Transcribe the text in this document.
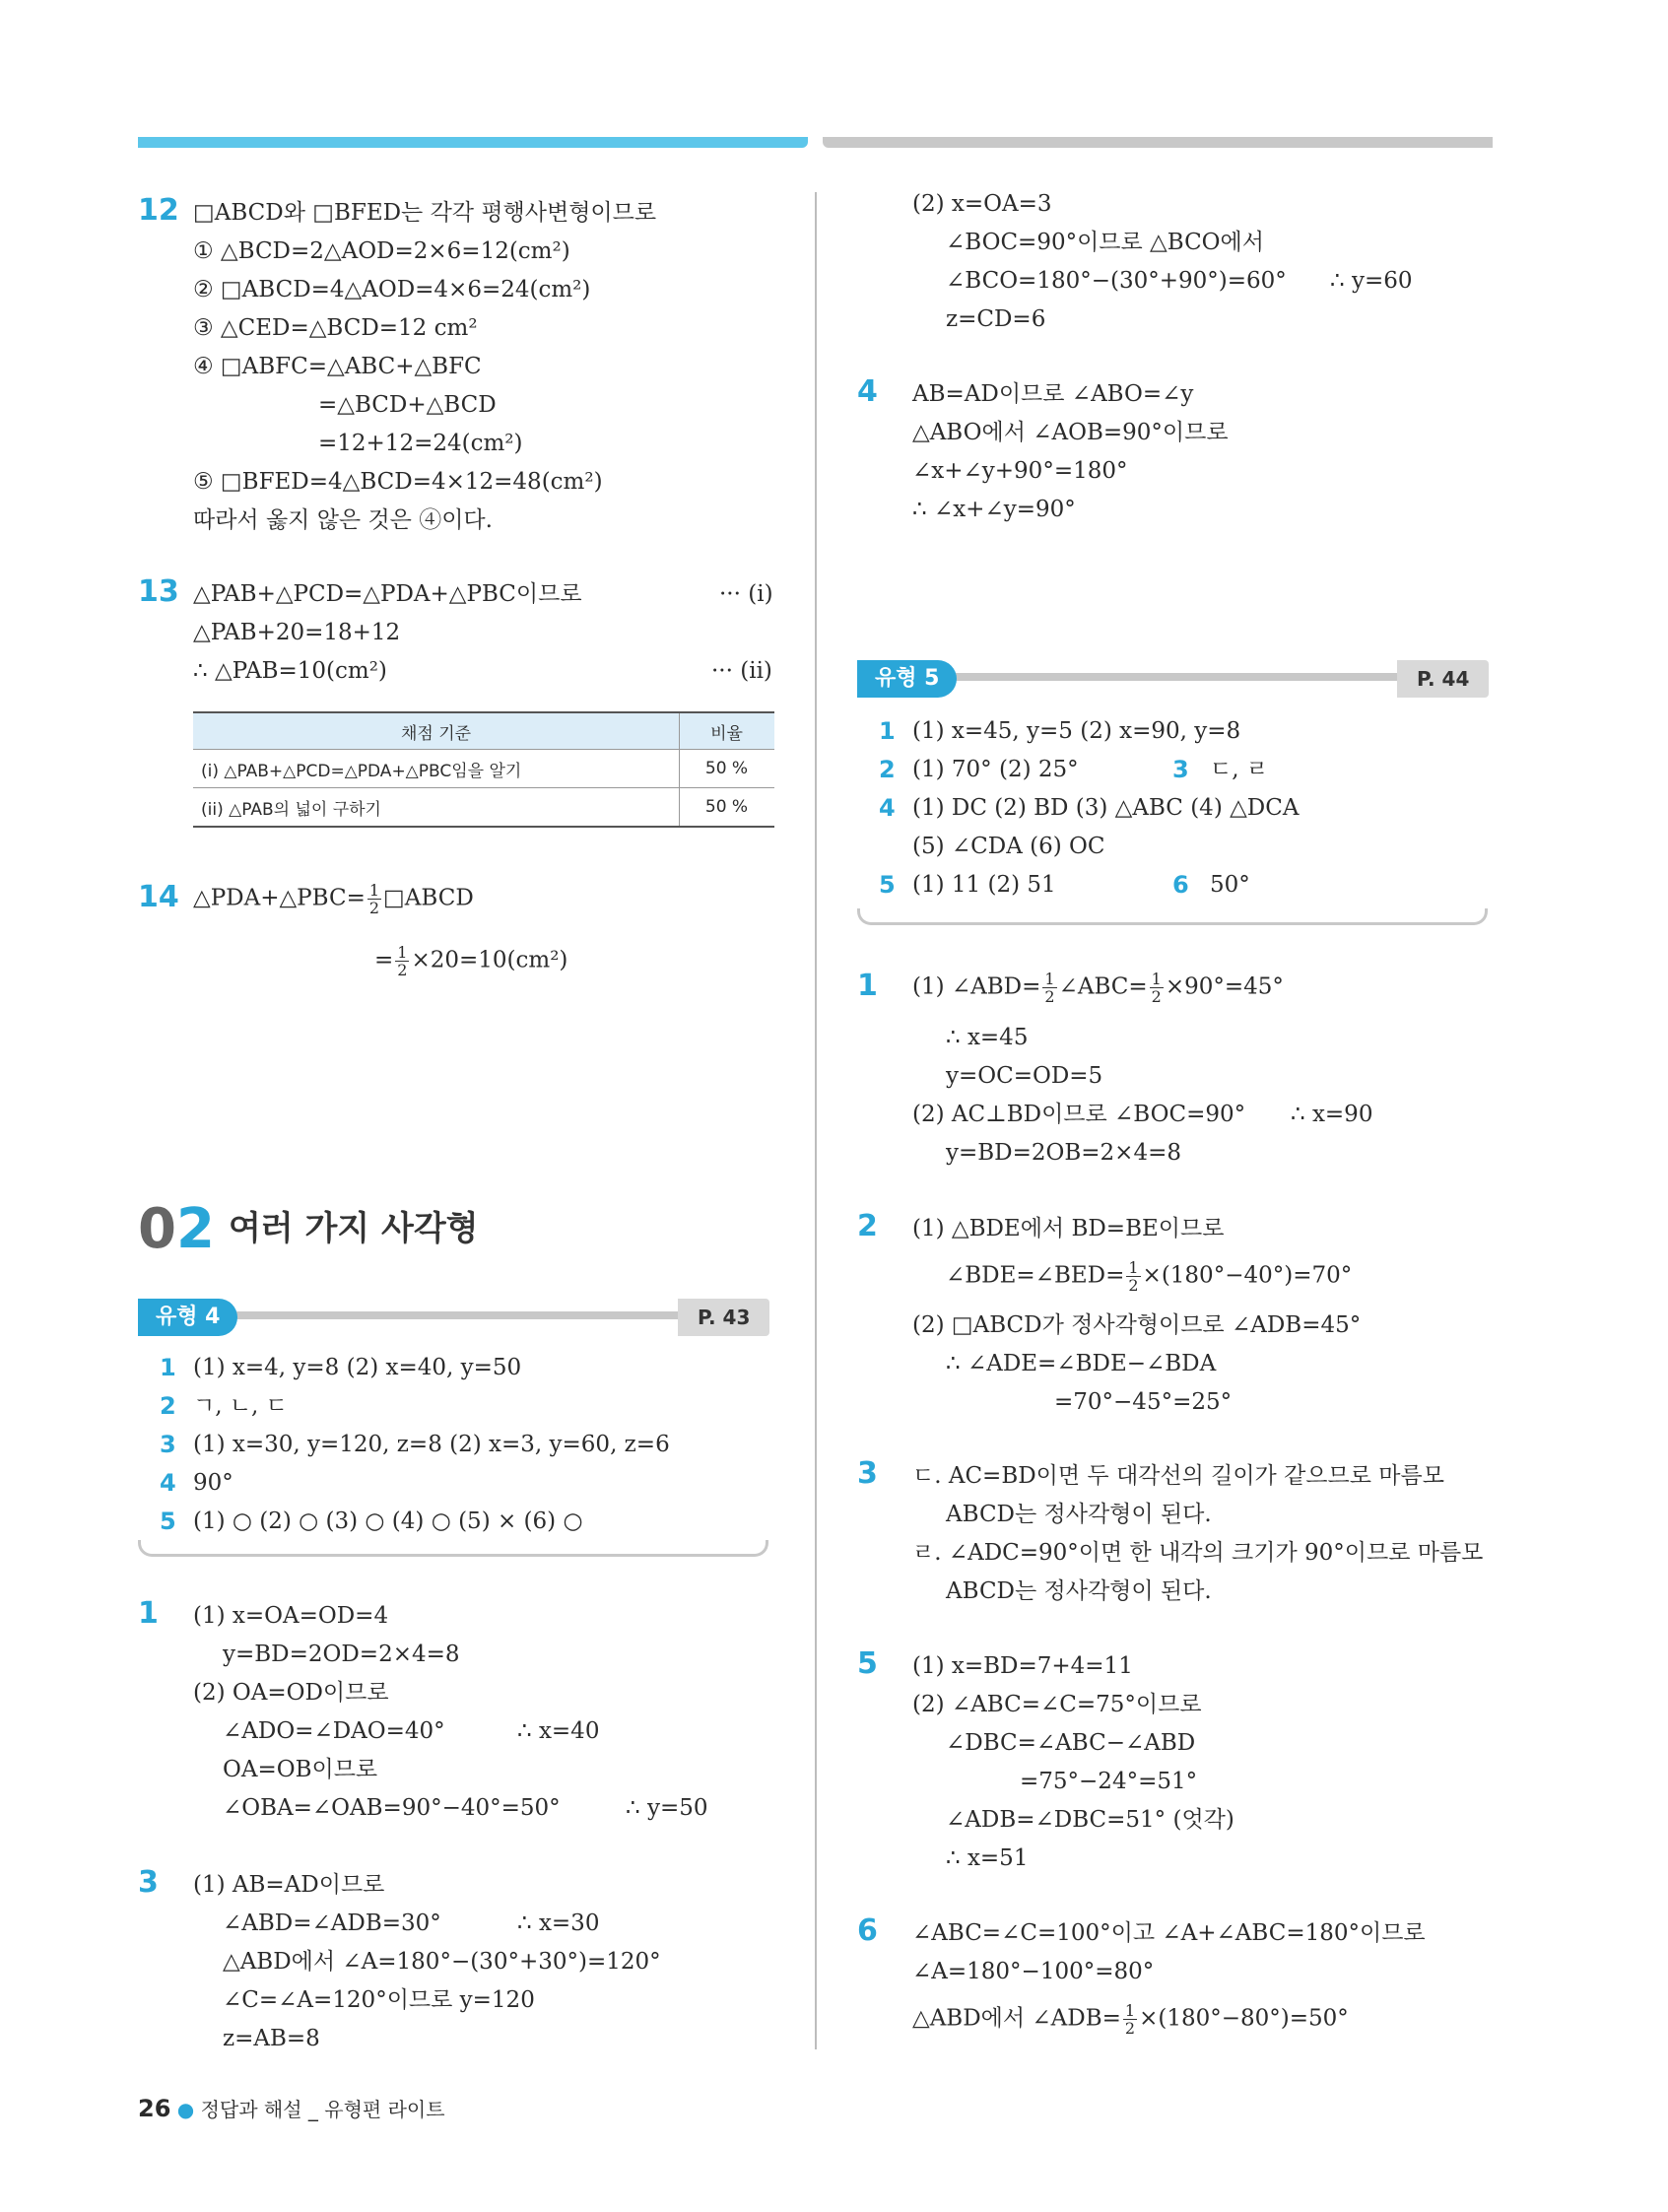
12 □ABCD와 □BFED는 각각 평행사변형이므로
① △BCD=2△AOD=2×6=12(cm²)
② □ABCD=4△AOD=4×6=24(cm²)
③ △CED=△BCD=12 cm²
④ □ABFC=△ABC+△BFC
=△BCD+△BCD
=12+12=24(cm²)
⑤ □BFED=4△BCD=4×12=48(cm²)
따라서 옳지 않은 것은 ④이다.
13 △PAB+△PCD=△PDA+△PBC이므로	··· (i)
△PAB+20=18+12
∴ △PAB=10(cm²)	··· (ii)
채점 기준	비율
(i) △PAB+△PCD=△PDA+△PBC임을 알기	50 %
(ii) △PAB의 넓이 구하기	50 %
14 △PDA+△PBC= $\frac{1}{2}$ □ABCD
= $\frac{1}{2} \times 20=10(cm^2)$
02 여러 가지 사각형
유형 4	P. 43
1 (1) x=4, y=8 (2) x=40, y=50
2 ㄱ, ㄴ, ㄷ
3 (1) x=30, y=120, z=8 (2) x=3, y=60, z=6
4 90°
5 (1) ○ (2) ○ (3) ○ (4) ○ (5) × (6) ○
1 (1) x=OA=OD=4
y=BD=2OD=2×4=8
(2) OA=OD이므로
∠ADO=∠DAO=40°	∴ x=40
OA=OB이므로
∠OBA=∠OAB=90°−40°=50°	∴ y=50
3 (1) AB=AD이므로
∠ABD=∠ADB=30°	∴ x=30
△ABD에서 ∠A=180°−(30°+30°)=120°
∠C=∠A=120°이므로 y=120
z=AB=8
(2) x=OA=3
∠BOC=90°이므로 △BCO에서
∠BCO=180°−(30°+90°)=60° ∴ y=60
z=CD=6
4 AB=AD이므로 ∠ABO=∠y
△ABO에서 ∠AOB=90°이므로
∠x+∠y+90°=180°
∴ ∠x+∠y=90°
유형 5	P. 44
1 (1) x=45, y=5 (2) x=90, y=8
2 (1) 70° (2) 25°	3 ㄷ, ㄹ
4 (1) DC (2) BD (3) △ABC (4) △DCA
(5) ∠CDA (6) OC
5 (1) 11 (2) 51	6 50°
1 (1) ∠ABD= $\frac{1}{2}$ ∠ABC= $\frac{1}{2} \times 90^\circ=45^\circ$
∴ x=45
y=OC=OD=5
(2) AC⊥BD이므로 ∠BOC=90° ∴ x=90
y=BD=2OB=2×4=8
2 (1) △BDE에서 BD=BE이므로
∠BDE=∠BED= $\frac{1}{2} \times(180^\circ-40^\circ)=70^\circ$
(2) □ABCD가 정사각형이므로 ∠ADB=45°
∴ ∠ADE=∠BDE−∠BDA
=70°−45°=25°
3 ㄷ. AC=BD이면 두 대각선의 길이가 같으므로 마름모
ABCD는 정사각형이 된다.
ㄹ. ∠ADC=90°이면 한 내각의 크기가 90°이므로 마름모
ABCD는 정사각형이 된다.
5 (1) x=BD=7+4=11
(2) ∠ABC=∠C=75°이므로
∠DBC=∠ABC−∠ABD
=75°−24°=51°
∠ADB=∠DBC=51° (엇각)
∴ x=51
6 ∠ABC=∠C=100°이고 ∠A+∠ABC=180°이므로
∠A=180°−100°=80°
△ABD에서 ∠ADB= $\frac{1}{2} \times(180^\circ-80^\circ)=50^\circ$
26 ● 정답과 해설 _ 유형편 라이트
